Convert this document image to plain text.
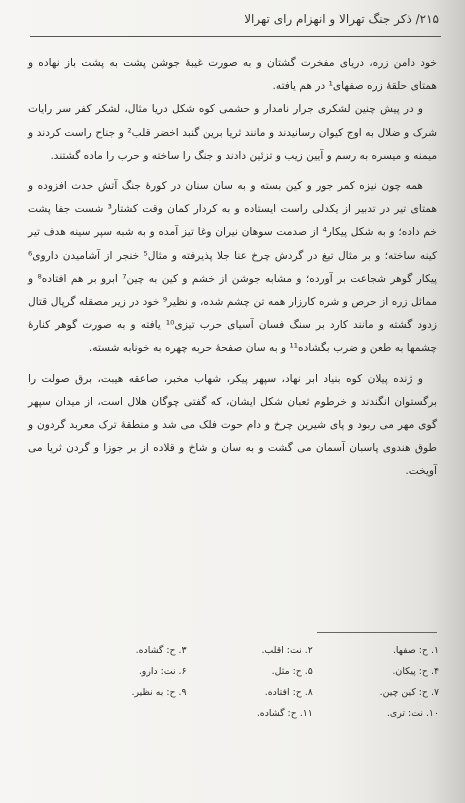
۲۱۵/ ذکر جنگ تهرالا و انهزام رای تهرالا

خود دامن زره، دریای مفخرت گشتان و به صورت غیبهٔ جوشن پشت به پشت باز نهاده و همتای حلقهٔ زره صفهای¹ در هم یافته.

و در پیش چنین لشکری جرار نامدار و حشمی کوه شکل دریا مثال، لشکر کفر سر رایات شرک و ضلال به اوج کیوان رسانیدند و مانند ثریا برین گنبد اخضر قلب² و جناح راست کردند و میمنه و میسره به رسم و آیین زیب و تزئین دادند و جنگ را ساخته و حرب را ماده گشتند.

همه چون نیزه کمر جور و کین بسته و به سان سنان در کورهٔ جنگ آتش حدت افزوده و همتای تیر در تدبیر از یکدلی راست ایستاده و به کردار کمان وقت کشتار³ شست جفا پشت خم داده؛ و به شکل پیکار⁴ از صدمت سوهان نیران وغا تیز آمده و به شبه سپر سینه هدف تیر کینه ساخته؛ و بر مثال تیغ در گردش چرخ عنا جلا پذیرفته و مثال⁵ خنجر از آشامیدن داروی⁶ پیکار گوهر شجاعت بر آورده؛ و مشابه جوشن از خشم و کین به چین⁷ ابرو بر هم افتاده⁸ و مماثل زره از حرص و شره کارزار همه تن چشم شده، و نظیر⁹ خود در زیر مصقله گرپال قتال زدود گشته و مانند کارد بر سنگ فسان آسیای حرب تیزی¹⁰ یافته و به صورت گوهر کنارهٔ چشمها به طعن و ضرب بگشاده¹¹ و به سان صفحهٔ حربه چهره به خونابه شسته.

و ژنده پیلان کوه بنیاد ابر نهاد، سپهر پیکر، شهاب مخبر، صاعقه هیبت، برق صولت را برگستوان انگندند و خرطوم ثعبان شکل ایشان، که گفتی چوگان هلال است، از میدان سپهر گوی مهر می ربود و پای شیرین چرخ و دام حوت فلک می شد و منطقهٔ ترک معربد گردون و طوق هندوی پاسبان آسمان می گشت و به سان و شاخ و قلاده از بر جوزا و گردن ثریا می آویخت.

۱. ح: صفها.
۲. نت: اقلب.
۳. ح: گشاده.
۴. ح: پیکان.
۵. ح: مثل.
۶. نت: دارو.
۷. ح: کین چین.
۸. ح: افتاده.
۹. ح: به نظیر.
۱۰. نت: تری.
۱۱. ح: گشاده.
